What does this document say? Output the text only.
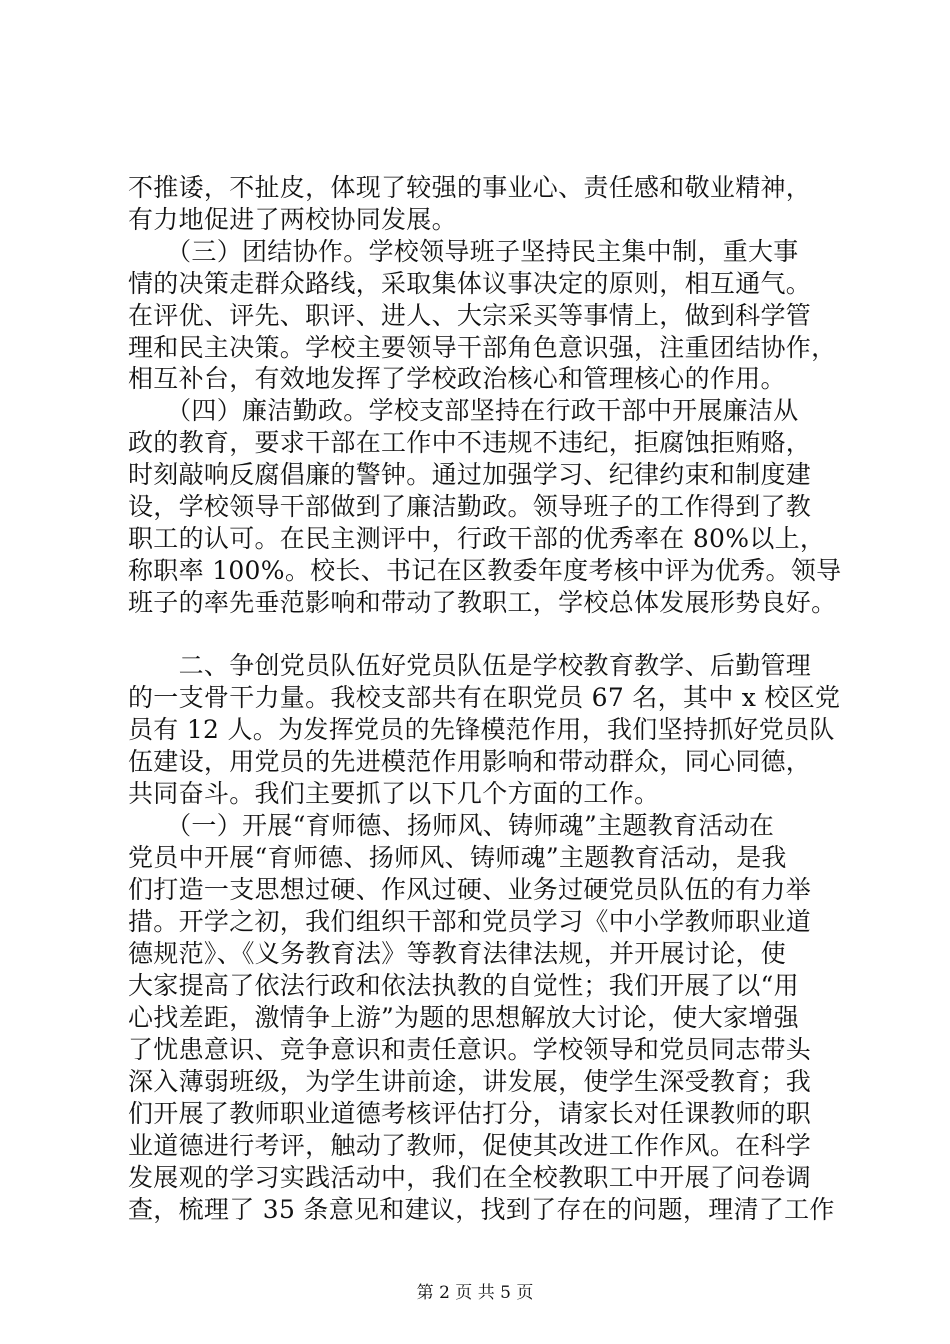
不推诿，不扯皮，体现了较强的事业心、责任感和敬业精神，
有力地促进了两校协同发展。
　　（三）团结协作。学校领导班子坚持民主集中制，重大事
情的决策走群众路线，采取集体议事决定的原则，相互通气。
在评优、评先、职评、进人、大宗采买等事情上，做到科学管
理和民主决策。学校主要领导干部角色意识强，注重团结协作，
相互补台，有效地发挥了学校政治核心和管理核心的作用。
　　（四）廉洁勤政。学校支部坚持在行政干部中开展廉洁从
政的教育，要求干部在工作中不违规不违纪，拒腐蚀拒贿赂，
时刻敲响反腐倡廉的警钟。通过加强学习、纪律约束和制度建
设，学校领导干部做到了廉洁勤政。领导班子的工作得到了教
职工的认可。在民主测评中，行政干部的优秀率在 80%以上，
称职率 100%。校长、书记在区教委年度考核中评为优秀。领导
班子的率先垂范影响和带动了教职工，学校总体发展形势良好。
　　二、争创党员队伍好党员队伍是学校教育教学、后勤管理
的一支骨干力量。我校支部共有在职党员 67 名，其中 x 校区党
员有 12 人。为发挥党员的先锋模范作用，我们坚持抓好党员队
伍建设，用党员的先进模范作用影响和带动群众，同心同德，
共同奋斗。我们主要抓了以下几个方面的工作。
　　（一）开展“育师德、扬师风、铸师魂”主题教育活动在
党员中开展“育师德、扬师风、铸师魂”主题教育活动，是我
们打造一支思想过硬、作风过硬、业务过硬党员队伍的有力举
措。开学之初，我们组织干部和党员学习《中小学教师职业道
德规范》、《义务教育法》等教育法律法规，并开展讨论，使
大家提高了依法行政和依法执教的自觉性；我们开展了以“用
心找差距，激情争上游”为题的思想解放大讨论，使大家增强
了忧患意识、竞争意识和责任意识。学校领导和党员同志带头
深入薄弱班级，为学生讲前途，讲发展，使学生深受教育；我
们开展了教师职业道德考核评估打分，请家长对任课教师的职
业道德进行考评，触动了教师，促使其改进工作作风。在科学
发展观的学习实践活动中，我们在全校教职工中开展了问卷调
查，梳理了 35 条意见和建议，找到了存在的问题，理清了工作
第 2 页 共 5 页
